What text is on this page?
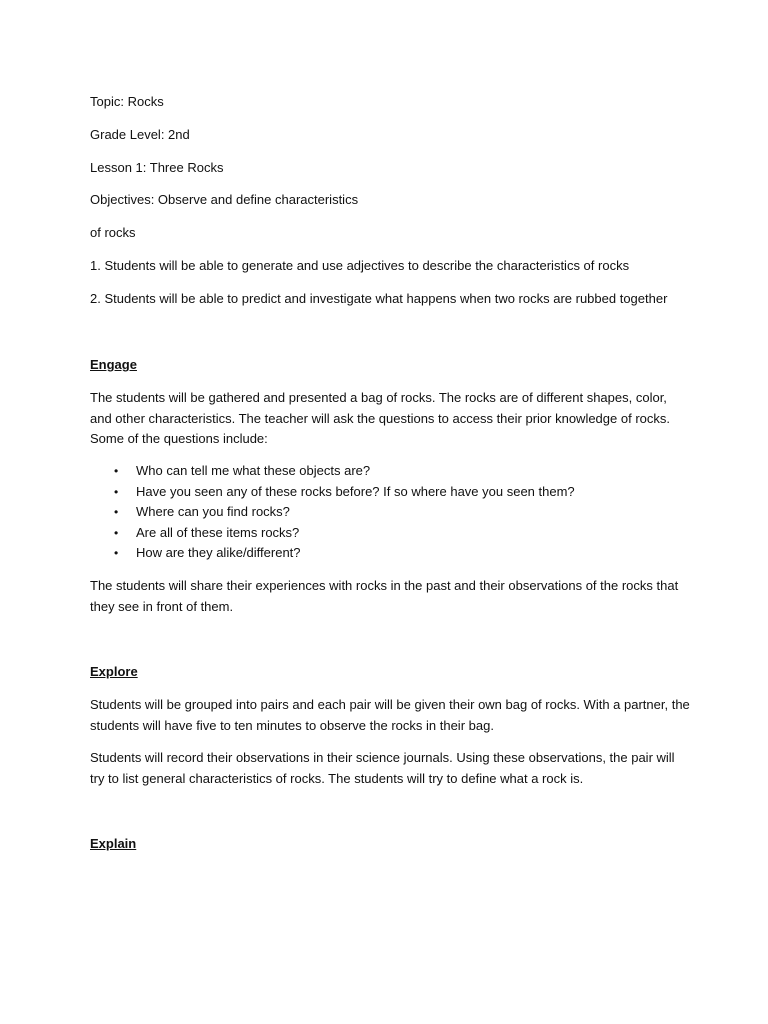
Topic: Rocks
Grade Level: 2nd
Lesson 1: Three Rocks
Objectives: Observe and define characteristics
of rocks
1. Students will be able to generate and use adjectives to describe the characteristics of rocks
2. Students will be able to predict and investigate what happens when two rocks are rubbed together
Engage
The students will be gathered and presented a bag of rocks. The rocks are of different shapes, color, and other characteristics. The teacher will ask the questions to access their prior knowledge of rocks. Some of the questions include:
• Who can tell me what these objects are?
• Have you seen any of these rocks before? If so where have you seen them?
• Where can you find rocks?
• Are all of these items rocks?
• How are they alike/different?
The students will share their experiences with rocks in the past and their observations of the rocks that they see in front of them.
Explore
Students will be grouped into pairs and each pair will be given their own bag of rocks. With a partner, the students will have five to ten minutes to observe the rocks in their bag.
Students will record their observations in their science journals. Using these observations, the pair will try to list general characteristics of rocks. The students will try to define what a rock is.
Explain
